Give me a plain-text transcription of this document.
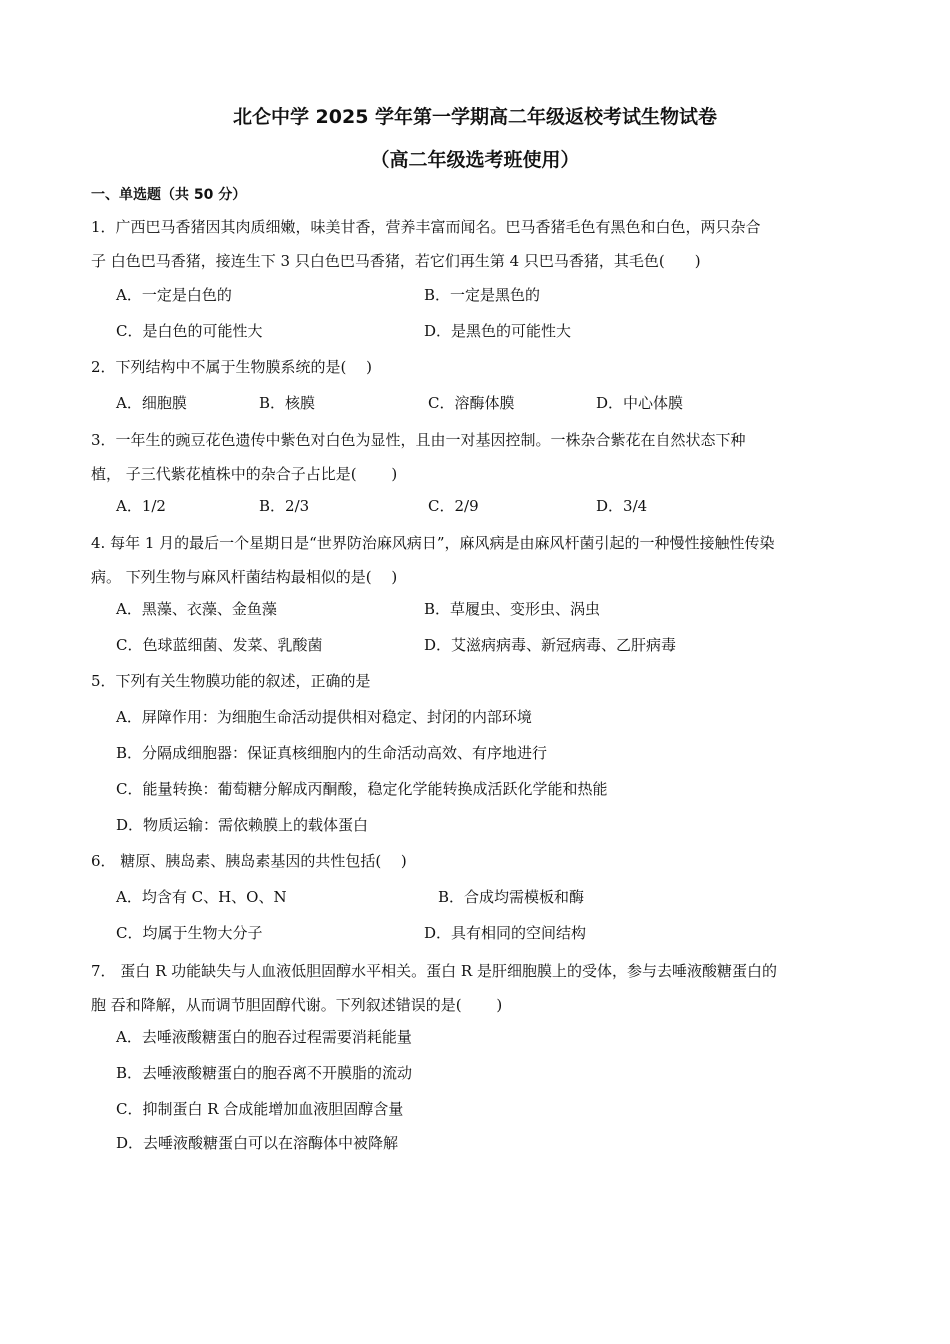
北仑中学 2025 学年第一学期高二年级返校考试生物试卷
（高二年级选考班使用）
一、单选题（共 50 分）
1．广西巴马香猪因其肉质细嫩，味美甘香，营养丰富而闻名。巴马香猪毛色有黑色和白色，两只杂合
子 白色巴马香猪，接连生下 3 只白色巴马香猪，若它们再生第 4 只巴马香猪，其毛色(　　)
A．一定是白色的	B．一定是黑色的
C．是白色的可能性大	D．是黑色的可能性大
2．下列结构中不属于生物膜系统的是(　 )
A．细胞膜	B．核膜	C．溶酶体膜	D．中心体膜
3．一年生的豌豆花色遗传中紫色对白色为显性，且由一对基因控制。一株杂合紫花在自然状态下种
植， 子三代紫花植株中的杂合子占比是(　　 )
A．1/2	B．2/3	C．2/9	D．3/4
4. 每年 1 月的最后一个星期日是“世界防治麻风病日”，麻风病是由麻风杆菌引起的一种慢性接触性传染
病。 下列生物与麻风杆菌结构最相似的是(　 )
A．黑藻、衣藻、金鱼藻	B．草履虫、变形虫、涡虫
C．色球蓝细菌、发菜、乳酸菌	D．艾滋病病毒、新冠病毒、乙肝病毒
5．下列有关生物膜功能的叙述，正确的是
A．屏障作用：为细胞生命活动提供相对稳定、封闭的内部环境
B．分隔成细胞器：保证真核细胞内的生命活动高效、有序地进行
C．能量转换：葡萄糖分解成丙酮酸，稳定化学能转换成活跃化学能和热能
D．物质运输：需依赖膜上的载体蛋白
6． 糖原、胰岛素、胰岛素基因的共性包括(　 )
A．均含有 C、H、O、N	B．合成均需模板和酶
C．均属于生物大分子	D．具有相同的空间结构
7． 蛋白 R 功能缺失与人血液低胆固醇水平相关。蛋白 R 是肝细胞膜上的受体，参与去唾液酸糖蛋白的
胞 吞和降解，从而调节胆固醇代谢。下列叙述错误的是(　　 )
A．去唾液酸糖蛋白的胞吞过程需要消耗能量
B．去唾液酸糖蛋白的胞吞离不开膜脂的流动
C．抑制蛋白 R 合成能增加血液胆固醇含量
D．去唾液酸糖蛋白可以在溶酶体中被降解
